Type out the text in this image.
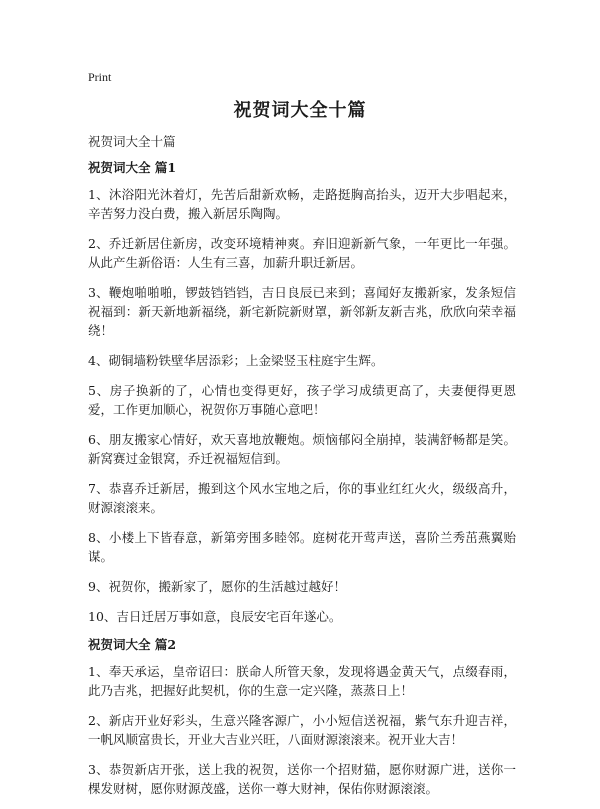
Print
祝贺词大全十篇

祝贺词大全十篇

祝贺词大全 篇1

1、沐浴阳光沐着灯，先苦后甜新欢畅，走路挺胸高抬头，迈开大步唱起来，辛苦努力没白费，搬入新居乐陶陶。

2、乔迁新居住新房，改变环境精神爽。弃旧迎新新气象，一年更比一年强。从此产生新俗语：人生有三喜，加薪升职迁新居。

3、鞭炮啪啪啪，锣鼓铛铛铛，吉日良辰已来到；喜闻好友搬新家，发条短信祝福到：新天新地新福绕，新宅新院新财罩，新邻新友新吉兆，欣欣向荣幸福绕！

4、砌铜墙粉铁壁华居添彩；上金梁竖玉柱庭宇生辉。

5、房子换新的了，心情也变得更好，孩子学习成绩更高了，夫妻便得更恩爱，工作更加顺心，祝贺你万事随心意吧！

6、朋友搬家心情好，欢天喜地放鞭炮。烦恼郁闷全崩掉，装满舒畅都是笑。新窝赛过金银窝，乔迁祝福短信到。

7、恭喜乔迁新居，搬到这个风水宝地之后，你的事业红红火火，级级高升，财源滚滚来。

8、小楼上下皆春意，新第旁围多睦邻。庭树花开莺声送，喜阶兰秀茁燕翼贻谋。

9、祝贺你，搬新家了，愿你的生活越过越好！

10、吉日迁居万事如意，良辰安宅百年遂心。

祝贺词大全 篇2

1、奉天承运，皇帝诏曰：朕命人所管天象，发现将遇金黄天气，点缀春雨，此乃吉兆，把握好此契机，你的生意一定兴隆，蒸蒸日上！

2、新店开业好彩头，生意兴隆客源广，小小短信送祝福，紫气东升迎吉祥，一帆风顺富贵长，开业大吉业兴旺，八面财源滚滚来。祝开业大吉！

3、恭贺新店开张，送上我的祝贺，送你一个招财猫，愿你财源广进，送你一棵发财树，愿你财源茂盛，送你一尊大财神，保佑你财源滚滚。
